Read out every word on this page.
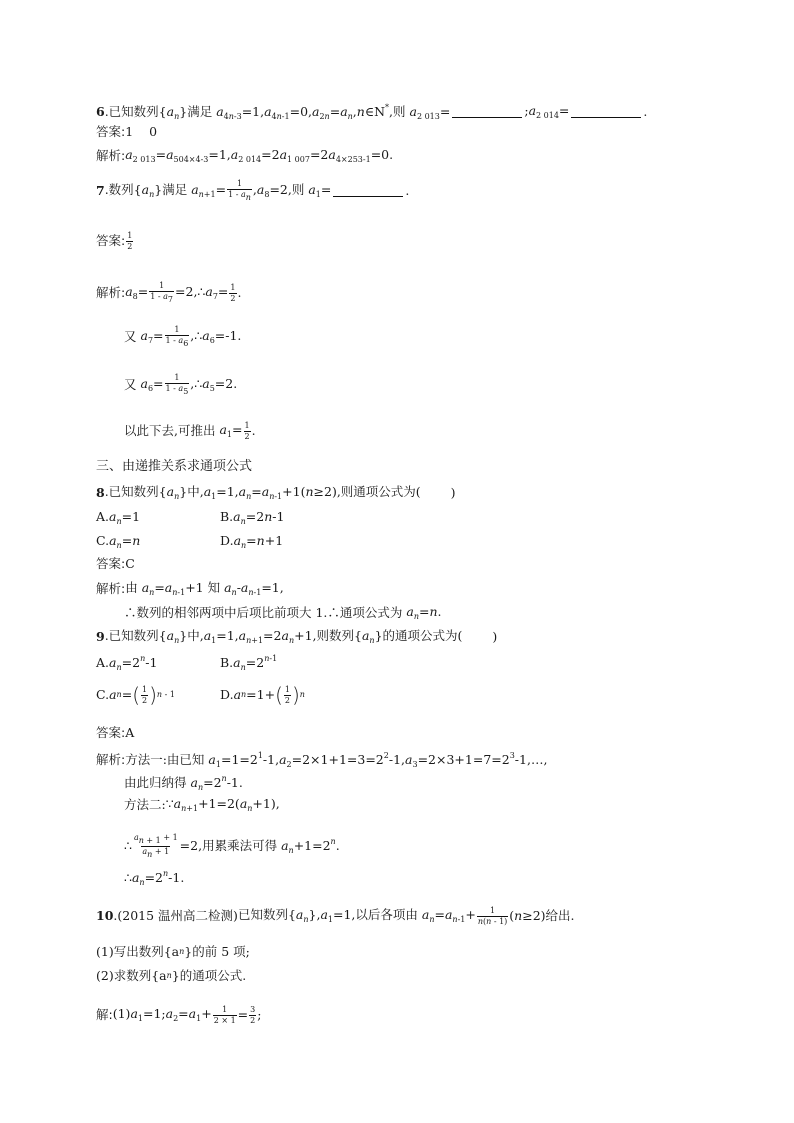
6 .已知数列$\{a_n\}$满足 $a_{4n-3}=1,a_{4n-1}=0,a_{2n}=a_n,n\in N^*$,则 $a_{2 013}=$	$;a_{2 014}=$	.
答案: 1    0
解析: $a_{2 013}=a_{504\times 4-3}=1,a_{2 014}=2a_{1 007}=2a_{4\times 253-1}=0$.
7 .数列$\{a_n\}$满足 $a_{n+1}= \frac{1}{1 - an} ,a_8=2$,则 $a_1=$	.
答案: $\frac{1}{2}$
解析: $a_8= \frac{1}{1 - a7}$ $=2,\therefore a_7= \frac{1}{2}$ .
又 $a_7= \frac{1}{1 - a6}$ $,\therefore a_6=-1$.
又 $a_6= \frac{1}{1 - a5}$ $,\therefore a_5=2$.
以此下去,可推出 $a_1= \frac{1}{2}$ .
三、由递推关系求通项公式
8 .已知数列$\{a_n\}$中$,a_1=1,a_n=a_{n-1}+1(n\ge 2)$,则通项公式为( )
$A.a_n=1$	$B.a_n=2n-1$
$C.a_n=n$	$D.a_n=n+1$
答案: C
解析: 由 $a_n=a_{n-1}+1$ 知 $a_n-a_{n-1}=1$,
∴数列的相邻两项中后项比前项大 1.∴通项公式为 $a_n=n$.
9 .已知数列$\{a_n\}$中$,a_1=1,a_{n+1}=2a_n+1$,则数列$\{a_n\}$的通项公式为( )
$A.a_n=2^n-1$	$B.a_n=2^{n-1}$
C. a n = ( $\frac{1}{2}$ ) n - 1	D. a n =1+ ( $\frac{1}{2}$ ) n
答案: A
解析: 方法一:由已知 $a_1=1=2^1-1,a_2=2\times 1+1=3=2^2-1,a_3=2\times 3+1=7=2^3-1,\dots$,
由此归纳得 $a_n=2^n-1$.
方法二: $\because a_{n+1}+1=2(a_n+1)$,
∴ $\frac{an + 1 + 1}{an + 1} =2$ ,用累乘法可得 $a_n+1=2^n$.
$\therefore a_n=2^n-1$.
10 . (2015 温州高二检测) 已知数列$\{a_n\},a_1=1$,以后各项由 $a_n=a_{n-1}+ \frac{1}{n(n - 1)} (n\ge 2)$给出.
(1)写出数列{a n }的前 5 项;
(2)求数列{a n }的通项公式.
解: $(1)a_1=1;a_2=a_1+ \frac{1}{2 \times 1} = \frac{3}{2}$ ;
